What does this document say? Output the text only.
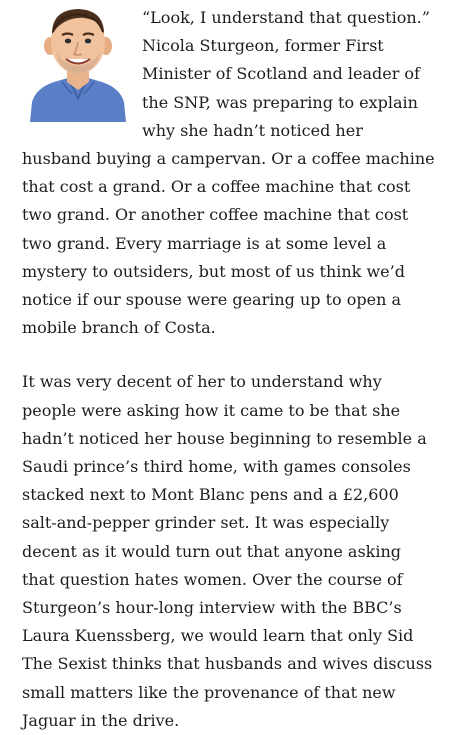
“Look, I understand that question.” Nicola Sturgeon, former First Minister of Scotland and leader of the SNP, was preparing to explain why she hadn’t noticed her husband buying a campervan. Or a coffee machine that cost a grand. Or a coffee machine that cost two grand. Or another coffee machine that cost two grand. Every marriage is at some level a mystery to outsiders, but most of us think we’d notice if our spouse were gearing up to open a mobile branch of Costa.

It was very decent of her to understand why people were asking how it came to be that she hadn’t noticed her house beginning to resemble a Saudi prince’s third home, with games consoles stacked next to Mont Blanc pens and a £2,600 salt-and-pepper grinder set. It was especially decent as it would turn out that anyone asking that question hates women. Over the course of Sturgeon’s hour-long interview with the BBC’s Laura Kuenssberg, we would learn that only Sid The Sexist thinks that husbands and wives discuss small matters like the provenance of that new Jaguar in the drive.
